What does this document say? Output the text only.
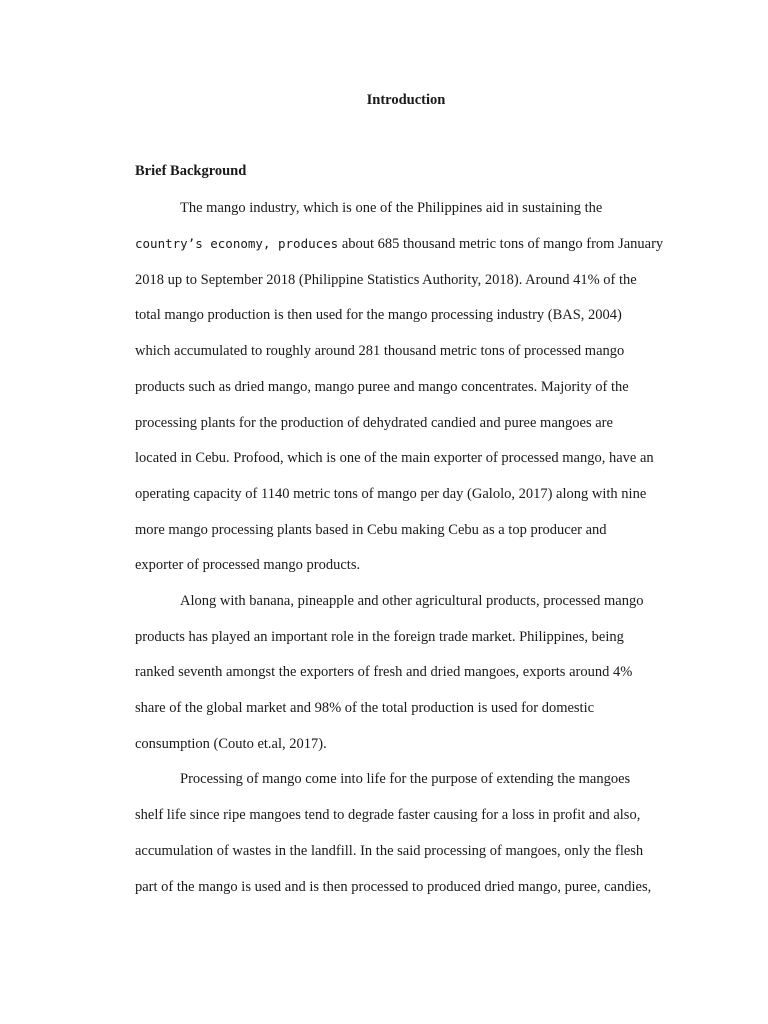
Introduction
Brief Background
The mango industry, which is one of the Philippines aid in sustaining the
country’s economy, produces about 685 thousand metric tons of mango from January
2018 up to September 2018 (Philippine Statistics Authority, 2018). Around 41% of the
total mango production is then used for the mango processing industry (BAS, 2004)
which accumulated to roughly around 281 thousand metric tons of processed mango
products such as dried mango, mango puree and mango concentrates. Majority of the
processing plants for the production of dehydrated candied and puree mangoes are
located in Cebu. Profood, which is one of the main exporter of processed mango, have an
operating capacity of 1140 metric tons of mango per day (Galolo, 2017) along with nine
more mango processing plants based in Cebu making Cebu as a top producer and
exporter of processed mango products.
Along with banana, pineapple and other agricultural products, processed mango
products has played an important role in the foreign trade market. Philippines, being
ranked seventh amongst the exporters of fresh and dried mangoes, exports around 4%
share of the global market and 98% of the total production is used for domestic
consumption (Couto et.al, 2017).
Processing of mango come into life for the purpose of extending the mangoes
shelf life since ripe mangoes tend to degrade faster causing for a loss in profit and also,
accumulation of wastes in the landfill. In the said processing of mangoes, only the flesh
part of the mango is used and is then processed to produced dried mango, puree, candies,
